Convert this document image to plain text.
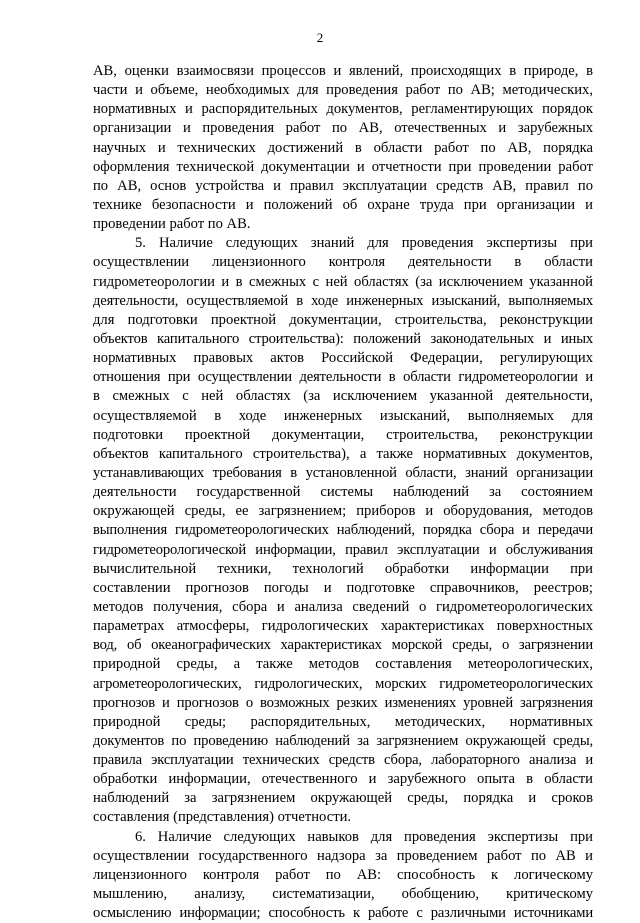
2
АВ, оценки взаимосвязи процессов и явлений, происходящих в природе, в
части и объеме, необходимых для проведения работ по АВ; методических,
нормативных и распорядительных документов, регламентирующих порядок
организации и проведения работ по АВ, отечественных и зарубежных
научных и технических достижений в области работ по АВ, порядка
оформления технической документации и отчетности при проведении работ
по АВ, основ устройства и правил эксплуатации средств АВ, правил по
технике безопасности и положений об охране труда при организации и
проведении работ по АВ.
5. Наличие следующих знаний для проведения экспертизы при
осуществлении лицензионного контроля деятельности в области
гидрометеорологии и в смежных с ней областях (за исключением указанной
деятельности, осуществляемой в ходе инженерных изысканий, выполняемых
для подготовки проектной документации, строительства, реконструкции
объектов капитального строительства): положений законодательных и иных
нормативных правовых актов Российской Федерации, регулирующих
отношения при осуществлении деятельности в области гидрометеорологии и
в смежных с ней областях (за исключением указанной деятельности,
осуществляемой в ходе инженерных изысканий, выполняемых для
подготовки проектной документации, строительства, реконструкции
объектов капитального строительства), а также нормативных документов,
устанавливающих требования в установленной области, знаний организации
деятельности государственной системы наблюдений за состоянием
окружающей среды, ее загрязнением; приборов и оборудования, методов
выполнения гидрометеорологических наблюдений, порядка сбора и передачи
гидрометеорологической информации, правил эксплуатации и обслуживания
вычислительной техники, технологий обработки информации при
составлении прогнозов погоды и подготовке справочников, реестров;
методов получения, сбора и анализа сведений о гидрометеорологических
параметрах атмосферы, гидрологических характеристиках поверхностных
вод, об океанографических характеристиках морской среды, о загрязнении
природной среды, а также методов составления метеорологических,
агрометеорологических, гидрологических, морских гидрометеорологических
прогнозов и прогнозов о возможных резких изменениях уровней загрязнения
природной среды; распорядительных, методических, нормативных
документов по проведению наблюдений за загрязнением окружающей среды,
правила эксплуатации технических средств сбора, лабораторного анализа и
обработки информации, отечественного и зарубежного опыта в области
наблюдений за загрязнением окружающей среды, порядка и сроков
составления (представления) отчетности.
6. Наличие следующих навыков для проведения экспертизы при
осуществлении государственного надзора за проведением работ по АВ и
лицензионного контроля работ по АВ: способность к логическому
мышлению, анализу, систематизации, обобщению, критическому
осмыслению информации; способность к работе с различными источниками
